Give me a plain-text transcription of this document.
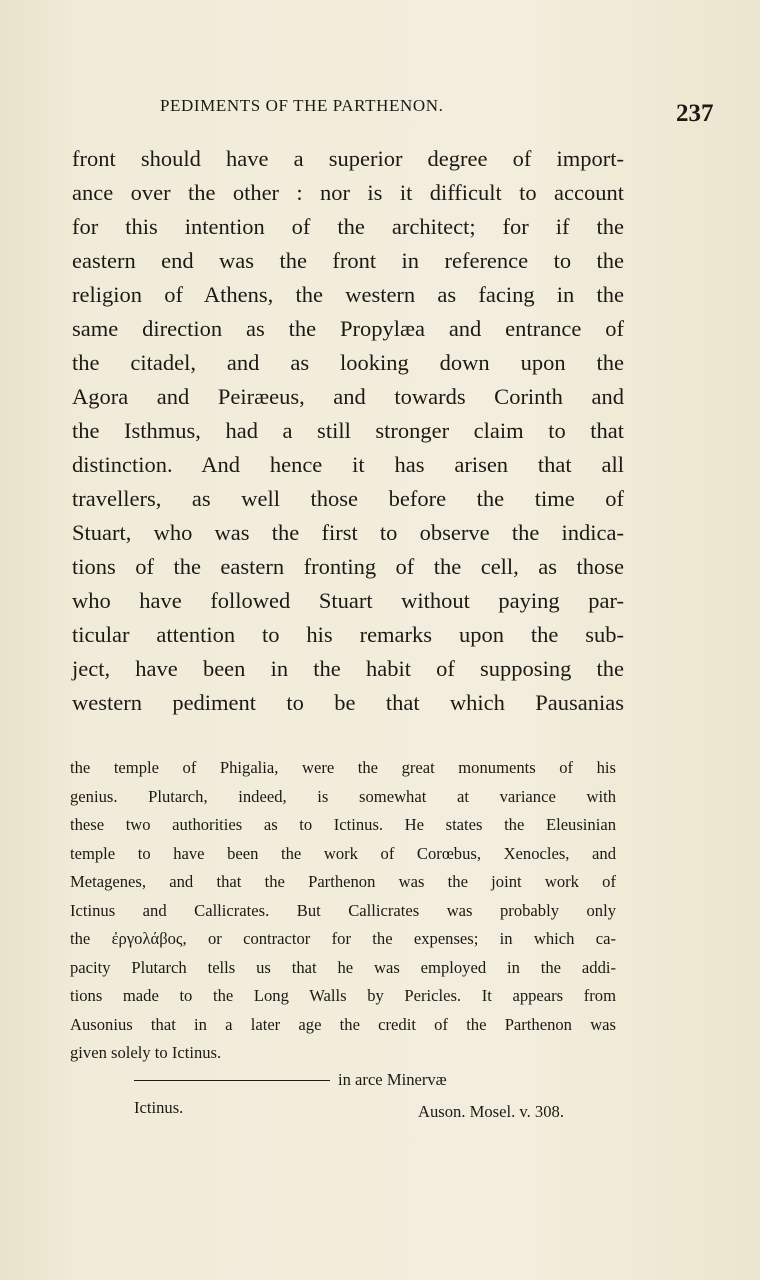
PEDIMENTS OF THE PARTHENON.	237
front should have a superior degree of import-
ance over the other : nor is it difficult to account
for this intention of the architect; for if the
eastern end was the front in reference to the
religion of Athens, the western as facing in the
same direction as the Propylæa and entrance of
the citadel, and as looking down upon the
Agora and Peiræeus, and towards Corinth and
the Isthmus, had a still stronger claim to that
distinction. And hence it has arisen that all
travellers, as well those before the time of
Stuart, who was the first to observe the indica-
tions of the eastern fronting of the cell, as those
who have followed Stuart without paying par-
ticular attention to his remarks upon the sub-
ject, have been in the habit of supposing the
western pediment to be that which Pausanias
the temple of Phigalia, were the great monuments of his
genius. Plutarch, indeed, is somewhat at variance with
these two authorities as to Ictinus. He states the Eleusinian
temple to have been the work of Corœbus, Xenocles, and
Metagenes, and that the Parthenon was the joint work of
Ictinus and Callicrates. But Callicrates was probably only
the ἐργολάβος, or contractor for the expenses; in which ca-
pacity Plutarch tells us that he was employed in the addi-
tions made to the Long Walls by Pericles. It appears from
Ausonius that in a later age the credit of the Parthenon was
given solely to Ictinus.
in arce Minervæ
Ictinus.	Auson. Mosel. v. 308.
